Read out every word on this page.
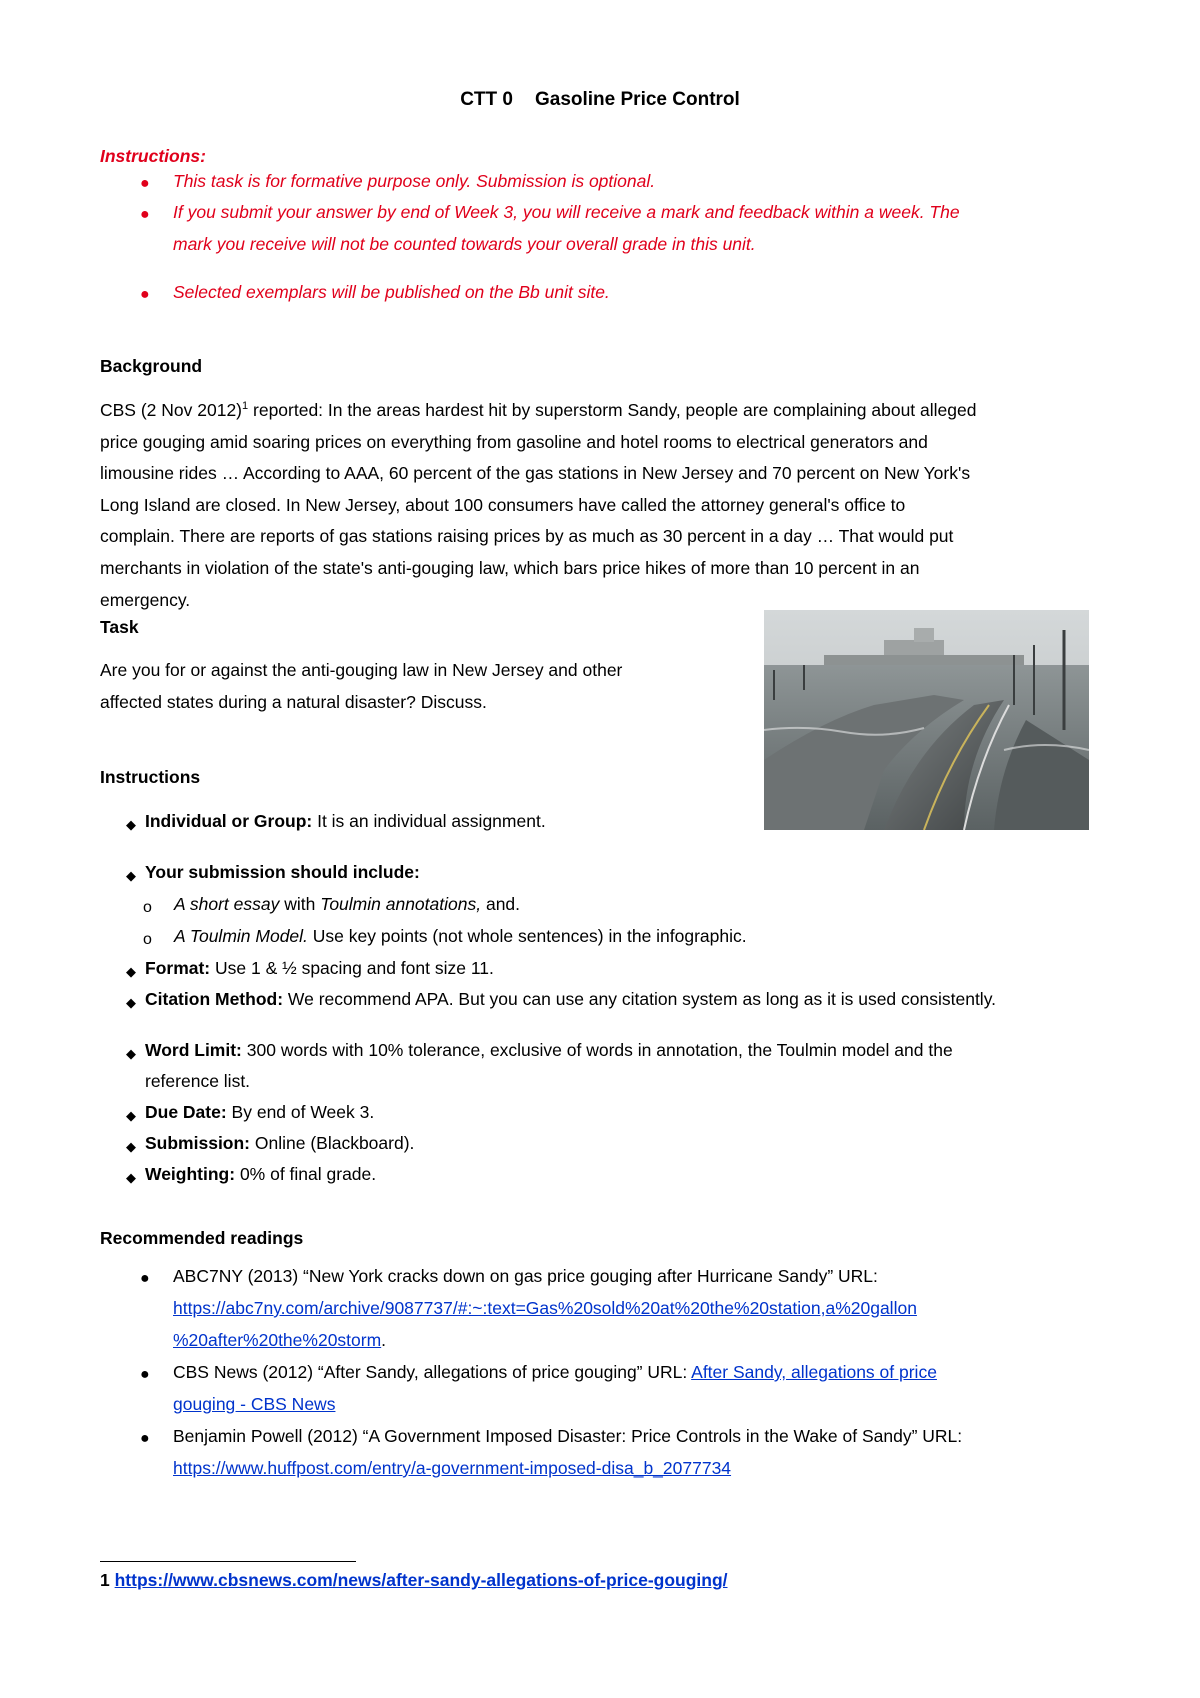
CTT 0 Gasoline Price Control
Instructions:
● This task is for formative purpose only. Submission is optional.
● If you submit your answer by end of Week 3, you will receive a mark and feedback within a week. The
mark you receive will not be counted towards your overall grade in this unit.
● Selected exemplars will be published on the Bb unit site.
Background
CBS (2 Nov 2012)$^1$ reported: In the areas hardest hit by superstorm Sandy, people are complaining about alleged
price gouging amid soaring prices on everything from gasoline and hotel rooms to electrical generators and
limousine rides … According to AAA, 60 percent of the gas stations in New Jersey and 70 percent on New York's
Long Island are closed. In New Jersey, about 100 consumers have called the attorney general's office to
complain. There are reports of gas stations raising prices by as much as 30 percent in a day … That would put
merchants in violation of the state's anti-gouging law, which bars price hikes of more than 10 percent in an
emergency.
Task
Are you for or against the anti-gouging law in New Jersey and other
affected states during a natural disaster? Discuss.
Instructions
◆ Individual or Group: It is an individual assignment.
◆ Your submission should include:
o A short essay with Toulmin annotations, and.
o A Toulmin Model. Use key points (not whole sentences) in the infographic.
◆ Format: Use 1 & ½ spacing and font size 11.
◆ Citation Method: We recommend APA. But you can use any citation system as long as it is used consistently.
◆ Word Limit: 300 words with 10% tolerance, exclusive of words in annotation, the Toulmin model and the
reference list.
◆ Due Date: By end of Week 3.
◆ Submission: Online (Blackboard).
◆ Weighting: 0% of final grade.
Recommended readings
● ABC7NY (2013) “New York cracks down on gas price gouging after Hurricane Sandy” URL:
https://abc7ny.com/archive/9087737/#:~:text=Gas%20sold%20at%20the%20station,a%20gallon
%20after%20the%20storm.
● CBS News (2012) “After Sandy, allegations of price gouging” URL: After Sandy, allegations of price
gouging - CBS News
● Benjamin Powell (2012) “A Government Imposed Disaster: Price Controls in the Wake of Sandy” URL:
https://www.huffpost.com/entry/a-government-imposed-disa_b_2077734
1 https://www.cbsnews.com/news/after-sandy-allegations-of-price-gouging/
